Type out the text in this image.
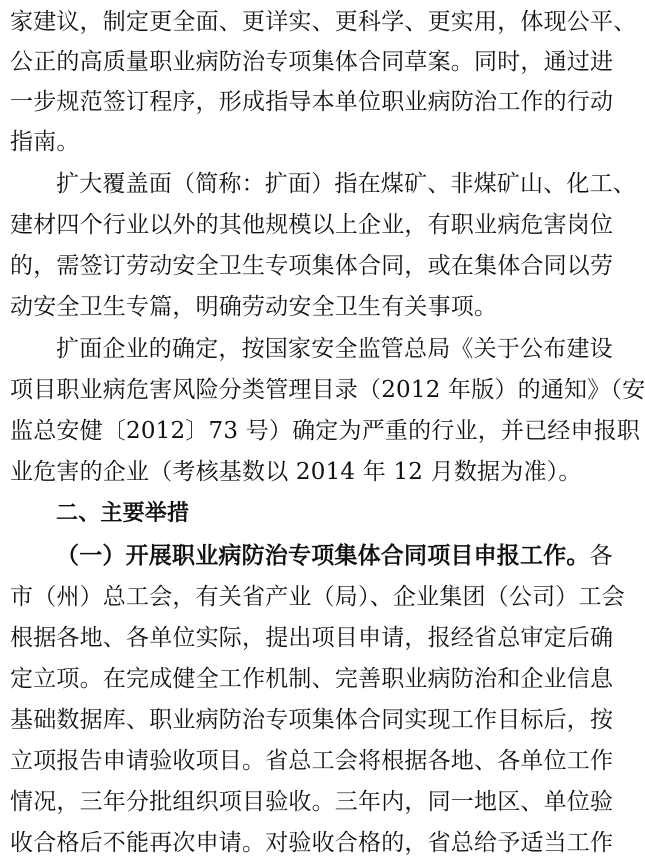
家建议，制定更全面、更详实、更科学、更实用，体现公平、
公正的高质量职业病防治专项集体合同草案。同时，通过进
一步规范签订程序，形成指导本单位职业病防治工作的行动
指南。
扩大覆盖面（简称：扩面）指在煤矿、非煤矿山、化工、
建材四个行业以外的其他规模以上企业，有职业病危害岗位
的，需签订劳动安全卫生专项集体合同，或在集体合同以劳
动安全卫生专篇，明确劳动安全卫生有关事项。
扩面企业的确定，按国家安全监管总局《关于公布建设
项目职业病危害风险分类管理目录（2012 年版）的通知》（安
监总安健〔2012〕73 号）确定为严重的行业，并已经申报职
业危害的企业（考核基数以 2014 年 12 月数据为准）。
二、主要举措
（一）开展职业病防治专项集体合同项目申报工作。各
市（州）总工会，有关省产业（局）、企业集团（公司）工会
根据各地、各单位实际，提出项目申请，报经省总审定后确
定立项。在完成健全工作机制、完善职业病防治和企业信息
基础数据库、职业病防治专项集体合同实现工作目标后，按
立项报告申请验收项目。省总工会将根据各地、各单位工作
情况，三年分批组织项目验收。三年内，同一地区、单位验
收合格后不能再次申请。对验收合格的，省总给予适当工作
